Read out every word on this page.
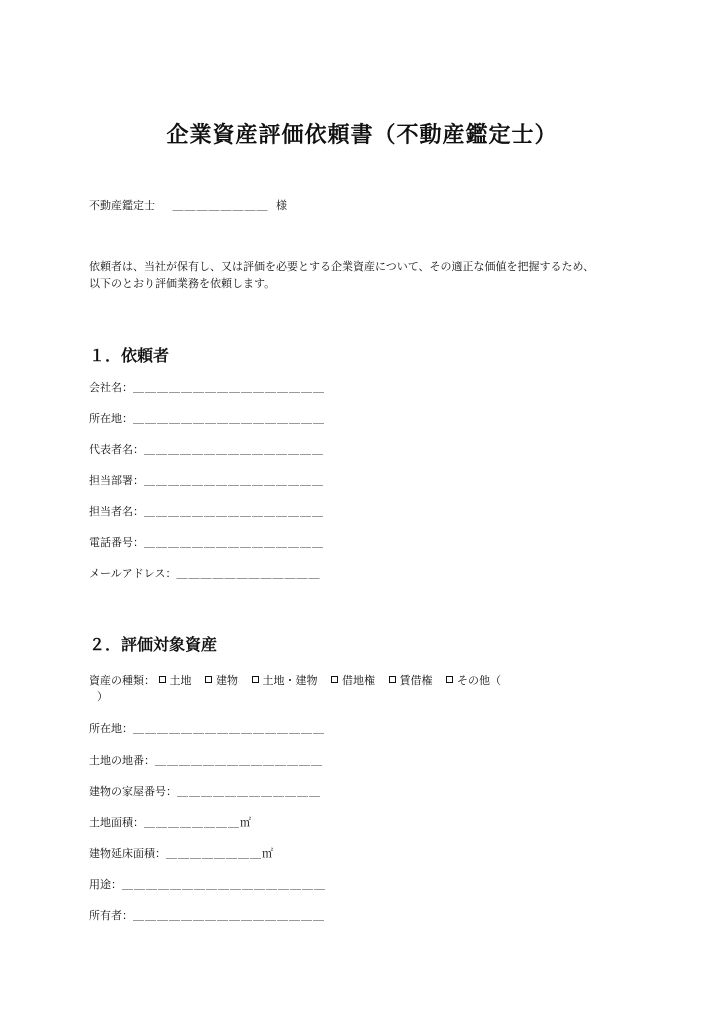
企業資産評価依頼書（不動産鑑定士）
不動産鑑定士 ＿＿＿＿＿＿＿＿ 様
依頼者は、当社が保有し、又は評価を必要とする企業資産について、その適正な価値を把握するため、
以下のとおり評価業務を依頼します。
１．依頼者
会社名：＿＿＿＿＿＿＿＿＿＿＿＿＿＿＿＿
所在地：＿＿＿＿＿＿＿＿＿＿＿＿＿＿＿＿
代表者名：＿＿＿＿＿＿＿＿＿＿＿＿＿＿＿
担当部署：＿＿＿＿＿＿＿＿＿＿＿＿＿＿＿
担当者名：＿＿＿＿＿＿＿＿＿＿＿＿＿＿＿
電話番号：＿＿＿＿＿＿＿＿＿＿＿＿＿＿＿
メールアドレス：＿＿＿＿＿＿＿＿＿＿＿＿
２．評価対象資産
資産の種類： 土地 建物 土地・建物 借地権 賃借権 その他（
）
所在地：＿＿＿＿＿＿＿＿＿＿＿＿＿＿＿＿
土地の地番：＿＿＿＿＿＿＿＿＿＿＿＿＿＿
建物の家屋番号：＿＿＿＿＿＿＿＿＿＿＿＿
土地面積：＿＿＿＿＿＿＿＿㎡
建物延床面積：＿＿＿＿＿＿＿＿㎡
用途：＿＿＿＿＿＿＿＿＿＿＿＿＿＿＿＿＿
所有者：＿＿＿＿＿＿＿＿＿＿＿＿＿＿＿＿
